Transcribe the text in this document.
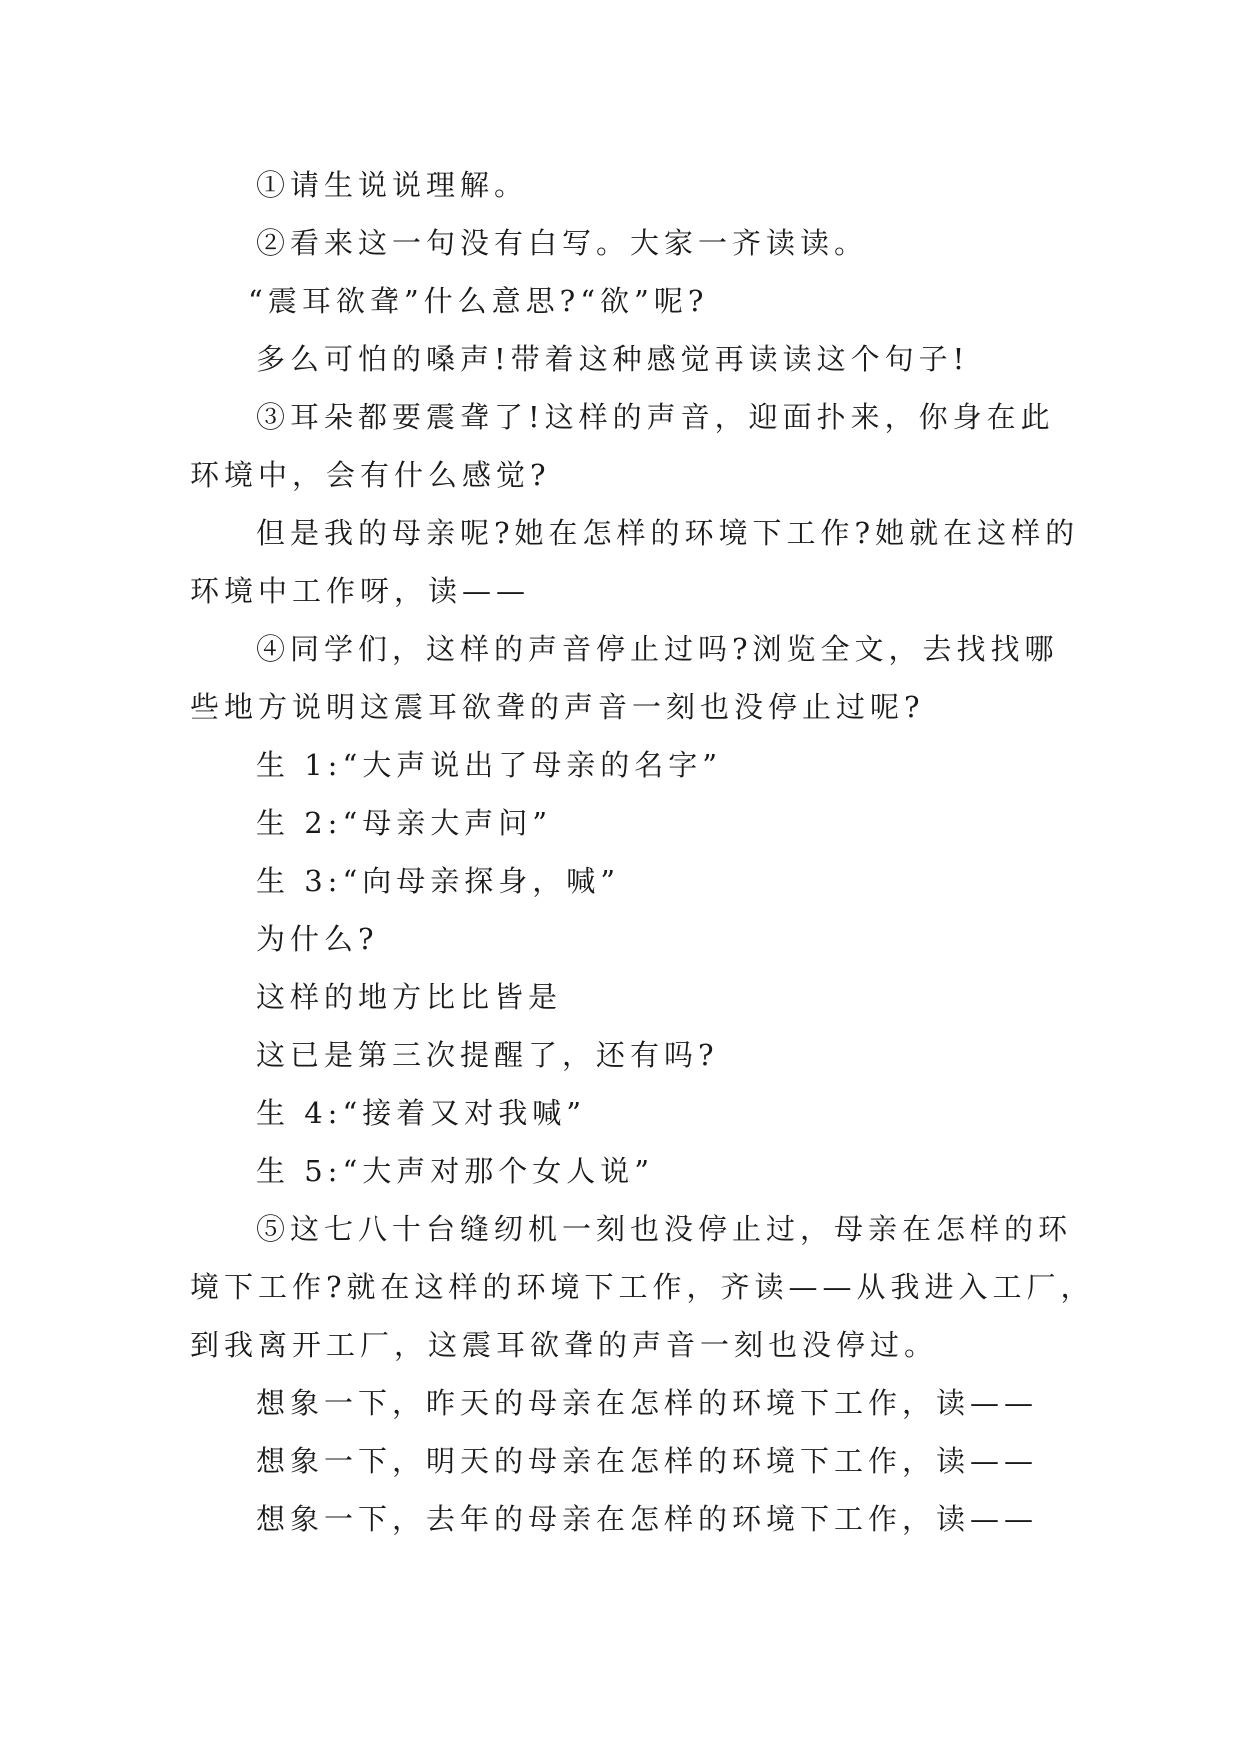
①请生说说理解。
②看来这一句没有白写。大家一齐读读。
“震耳欲聋”什么意思?“欲”呢?
多么可怕的嗓声!带着这种感觉再读读这个句子!
③耳朵都要震聋了!这样的声音，迎面扑来，你身在此
环境中，会有什么感觉?
但是我的母亲呢?她在怎样的环境下工作?她就在这样的
环境中工作呀，读——
④同学们，这样的声音停止过吗?浏览全文，去找找哪
些地方说明这震耳欲聋的声音一刻也没停止过呢?
生 1:“大声说出了母亲的名字”
生 2:“母亲大声问”
生 3:“向母亲探身，喊”
为什么?
这样的地方比比皆是
这已是第三次提醒了，还有吗?
生 4:“接着又对我喊”
生 5:“大声对那个女人说”
⑤这七八十台缝纫机一刻也没停止过，母亲在怎样的环
境下工作?就在这样的环境下工作，齐读——从我进入工厂，
到我离开工厂，这震耳欲聋的声音一刻也没停过。
想象一下，昨天的母亲在怎样的环境下工作，读——
想象一下，明天的母亲在怎样的环境下工作，读——
想象一下，去年的母亲在怎样的环境下工作，读——
